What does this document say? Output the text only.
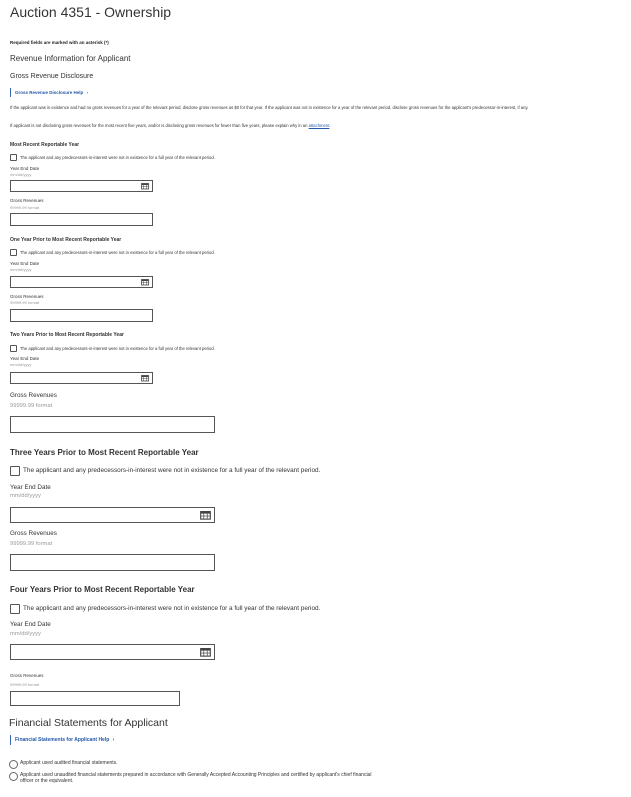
Auction 4351 - Ownership
Required fields are marked with an asterisk (*)
Revenue Information for Applicant
Gross Revenue Disclosure
Gross Revenue Disclosure Help ›
If the applicant was in existence and had no gross revenues for a year of the relevant period, disclose gross revenues as $0 for that year. If the applicant was not in existence for a year of the relevant period, disclose gross revenues for the applicant's predecessor-in-interest, if any.
If applicant is not disclosing gross revenues for the most recent five years, and/or is disclosing gross revenues for fewer than five years, please explain why in an attachment.
Most Recent Reportable Year
The applicant and any predecessors-in-interest were not in existence for a full year of the relevant period.
Year End Date
mm/dd/yyyy
Gross Revenues
99999.99 format
One Year Prior to Most Recent Reportable Year
The applicant and any predecessors-in-interest were not in existence for a full year of the relevant period.
Year End Date
mm/dd/yyyy
Gross Revenues
99999.99 format
Two Years Prior to Most Recent Reportable Year
The applicant and any predecessors-in-interest were not in existence for a full year of the relevant period.
Year End Date
mm/dd/yyyy
Gross Revenues
99999.99 format
Three Years Prior to Most Recent Reportable Year
The applicant and any predecessors-in-interest were not in existence for a full year of the relevant period.
Year End Date
mm/dd/yyyy
Gross Revenues
99999.99 format
Four Years Prior to Most Recent Reportable Year
The applicant and any predecessors-in-interest were not in existence for a full year of the relevant period.
Year End Date
mm/dd/yyyy
Gross Revenues
99999.99 format
Financial Statements for Applicant
Financial Statements for Applicant Help ›
Applicant used audited financial statements.
Applicant used unaudited financial statements prepared in accordance with Generally Accepted Accounting Principles and certified by applicant's chief financial officer or the equivalent.
